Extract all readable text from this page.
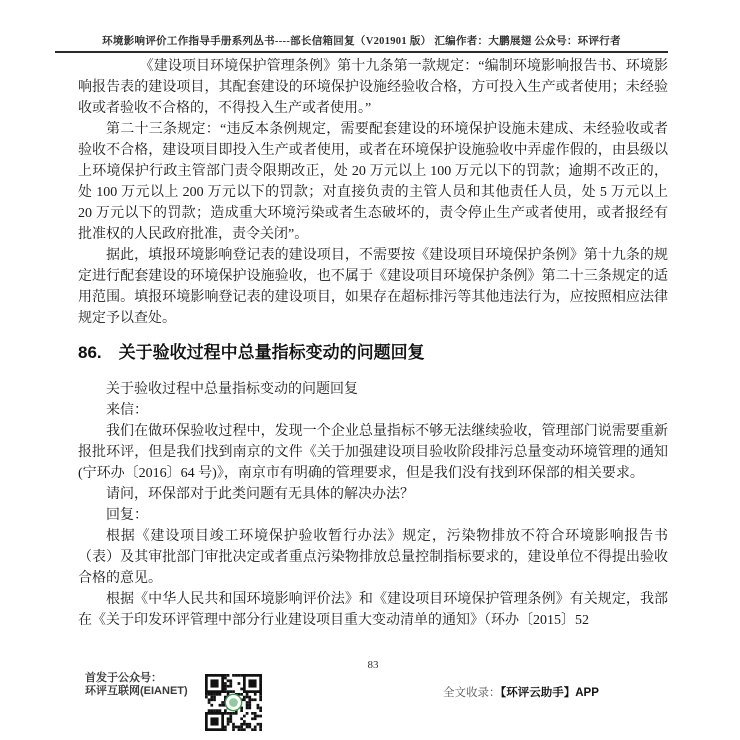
环境影响评价工作指导手册系列丛书----部长信箱回复（V201901 版） 汇编作者：大鹏展翅 公众号：环评行者

《建设项目环境保护管理条例》第十九条第一款规定：“编制环境影响报告书、环境影响报告表的建设项目，其配套建设的环境保护设施经验收合格，方可投入生产或者使用；未经验收或者验收不合格的，不得投入生产或者使用。”

第二十三条规定：“违反本条例规定，需要配套建设的环境保护设施未建成、未经验收或者验收不合格，建设项目即投入生产或者使用，或者在环境保护设施验收中弄虚作假的，由县级以上环境保护行政主管部门责令限期改正，处 20 万元以上 100 万元以下的罚款；逾期不改正的，处 100 万元以上 200 万元以下的罚款；对直接负责的主管人员和其他责任人员，处 5 万元以上 20 万元以下的罚款；造成重大环境污染或者生态破坏的，责令停止生产或者使用，或者报经有批准权的人民政府批准，责令关闭”。

据此，填报环境影响登记表的建设项目，不需要按《建设项目环境保护条例》第十九条的规定进行配套建设的环境保护设施验收，也不属于《建设项目环境保护条例》第二十三条规定的适用范围。填报环境影响登记表的建设项目，如果存在超标排污等其他违法行为，应按照相应法律规定予以查处。

86. 关于验收过程中总量指标变动的问题回复

关于验收过程中总量指标变动的问题回复

来信：

我们在做环保验收过程中，发现一个企业总量指标不够无法继续验收，管理部门说需要重新报批环评，但是我们找到南京的文件《关于加强建设项目验收阶段排污总量变动环境管理的通知(宁环办〔2016〕64 号)》，南京市有明确的管理要求，但是我们没有找到环保部的相关要求。

请问，环保部对于此类问题有无具体的解决办法？

回复：

根据《建设项目竣工环境保护验收暂行办法》规定，污染物排放不符合环境影响报告书（表）及其审批部门审批决定或者重点污染物排放总量控制指标要求的，建设单位不得提出验收合格的意见。

根据《中华人民共和国环境影响评价法》和《建设项目环境保护管理条例》有关规定，我部在《关于印发环评管理中部分行业建设项目重大变动清单的通知》（环办〔2015〕52

83
首发于公众号：
环评互联网(EIANET)	全文收录：【环评云助手】APP
